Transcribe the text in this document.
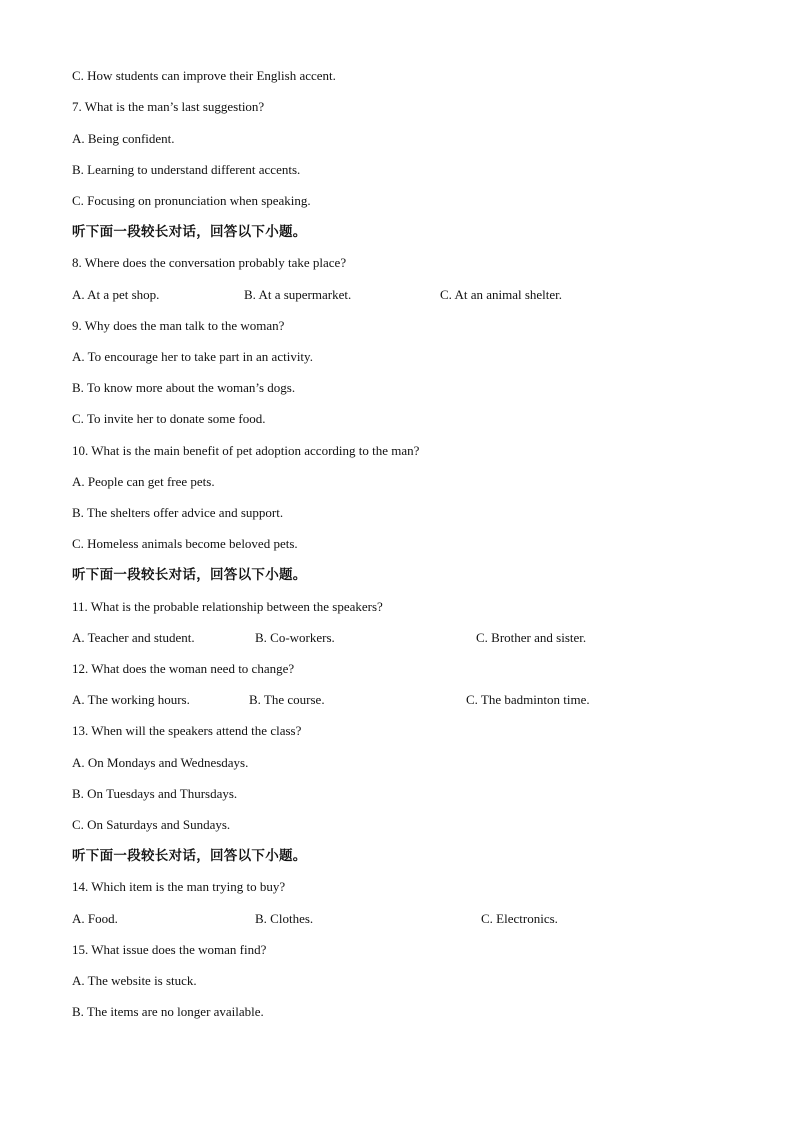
C. How students can improve their English accent.
7. What is the man’s last suggestion?
A. Being confident.
B. Learning to understand different accents.
C. Focusing on pronunciation when speaking.
听下面一段较长对话，回答以下小题。
8. Where does the conversation probably take place?
A. At a pet shop.	B. At a supermarket.	C. At an animal shelter.
9. Why does the man talk to the woman?
A. To encourage her to take part in an activity.
B. To know more about the woman’s dogs.
C. To invite her to donate some food.
10. What is the main benefit of pet adoption according to the man?
A. People can get free pets.
B. The shelters offer advice and support.
C. Homeless animals become beloved pets.
听下面一段较长对话，回答以下小题。
11. What is the probable relationship between the speakers?
A. Teacher and student.	B. Co-workers.	C. Brother and sister.
12. What does the woman need to change?
A. The working hours.	B. The course.	C. The badminton time.
13. When will the speakers attend the class?
A. On Mondays and Wednesdays.
B. On Tuesdays and Thursdays.
C. On Saturdays and Sundays.
听下面一段较长对话，回答以下小题。
14. Which item is the man trying to buy?
A. Food.	B. Clothes.	C. Electronics.
15. What issue does the woman find?
A. The website is stuck.
B. The items are no longer available.
